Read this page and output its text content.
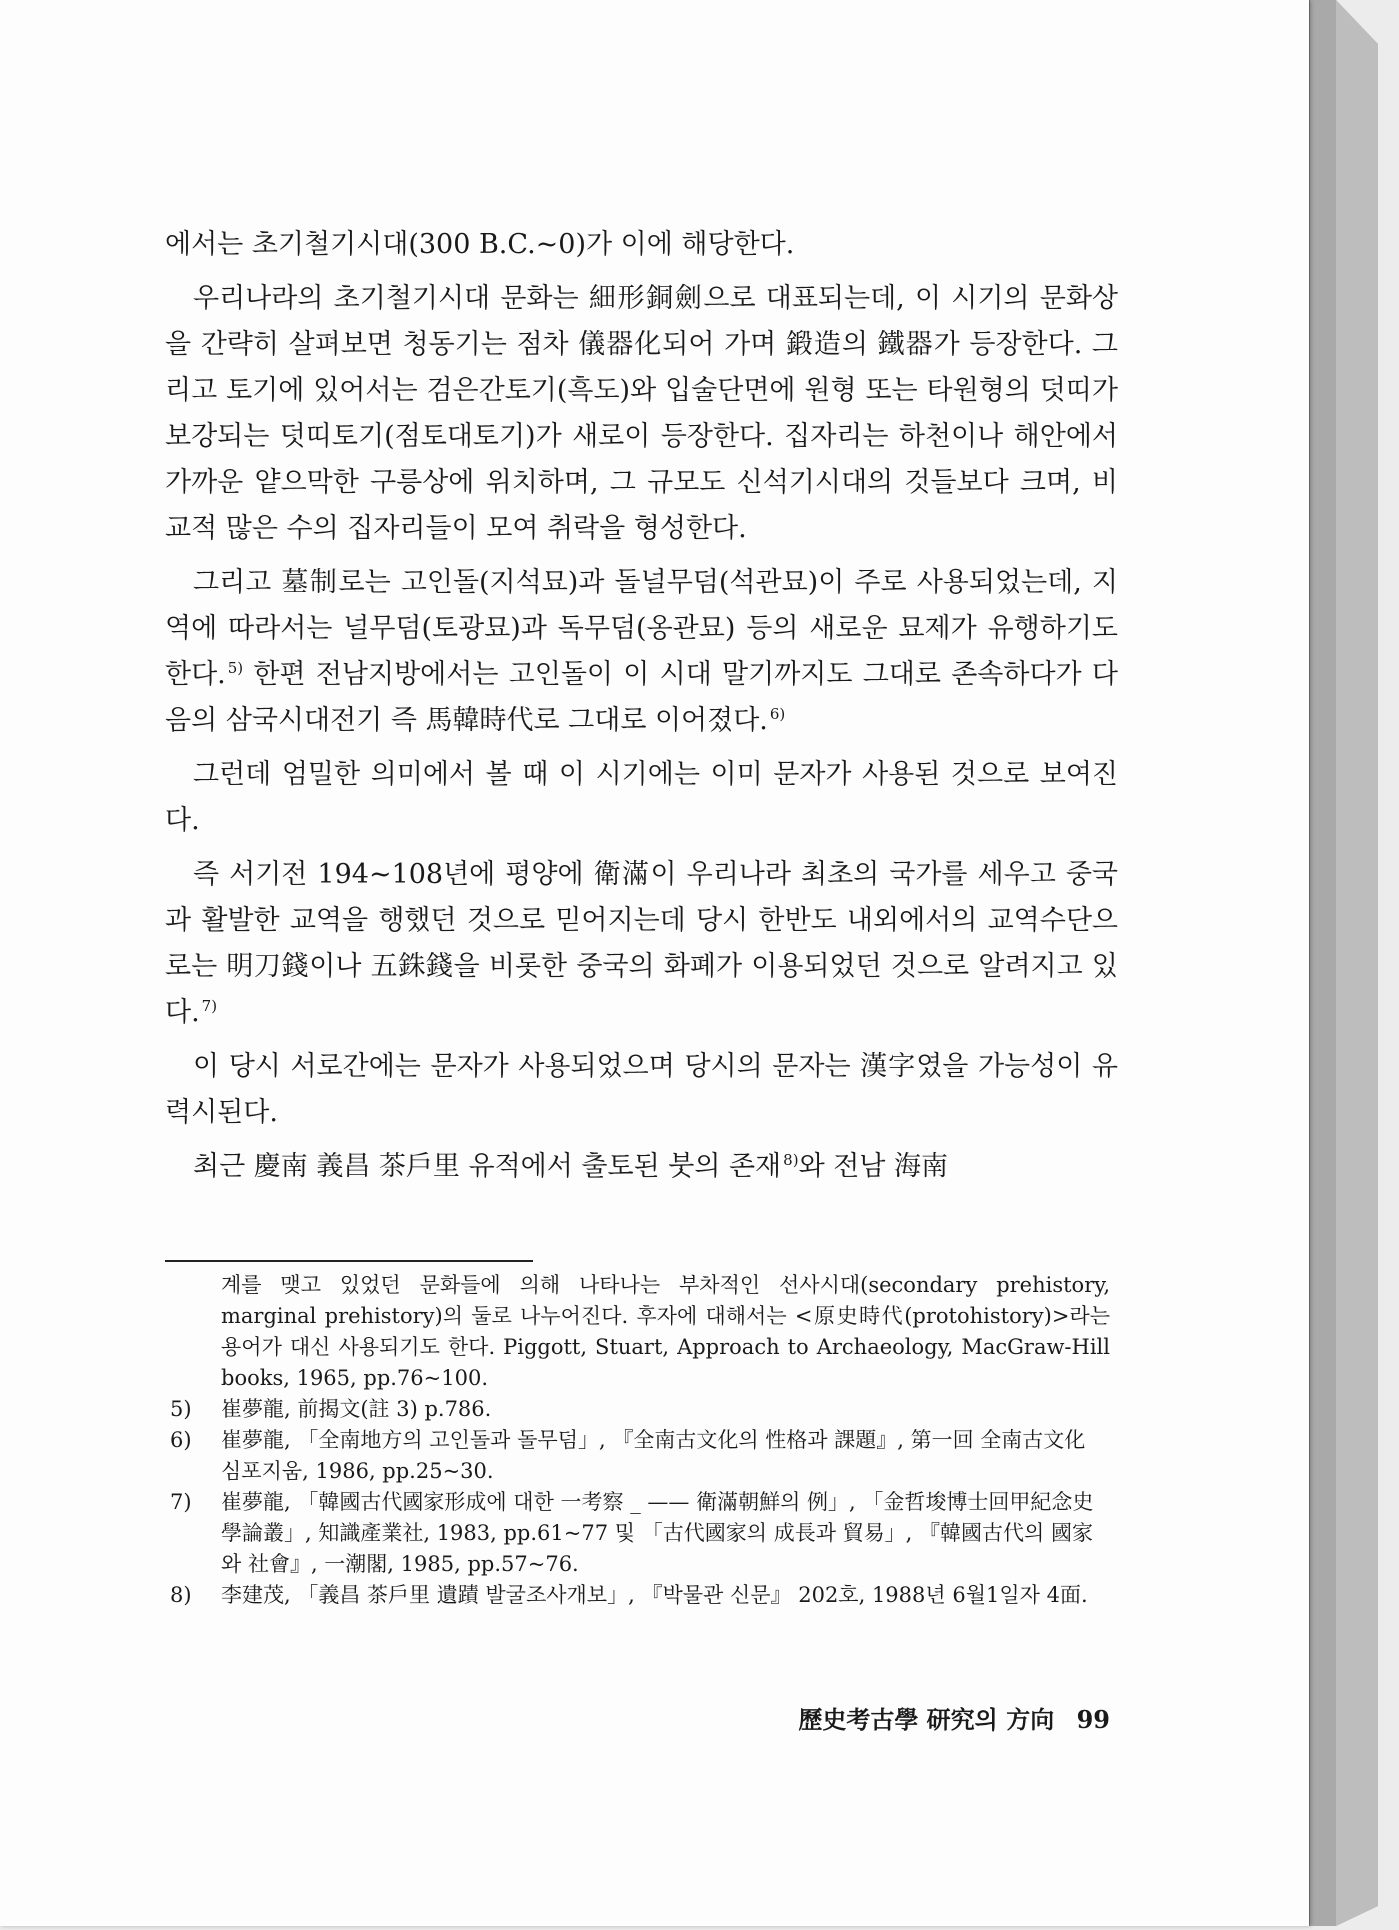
에서는 초기철기시대(300 B.C.~0)가 이에 해당한다.

우리나라의 초기철기시대 문화는 細形銅劍으로 대표되는데, 이 시기의 문화상을 간략히 살펴보면 청동기는 점차 儀器化되어 가며 鍛造의 鐵器가 등장한다. 그리고 토기에 있어서는 검은간토기(흑도)와 입술단면에 원형 또는 타원형의 덧띠가 보강되는 덧띠토기(점토대토기)가 새로이 등장한다. 집자리는 하천이나 해안에서 가까운 얕으막한 구릉상에 위치하며, 그 규모도 신석기시대의 것들보다 크며, 비교적 많은 수의 집자리들이 모여 취락을 형성한다.

그리고 墓制로는 고인돌(지석묘)과 돌널무덤(석관묘)이 주로 사용되었는데, 지역에 따라서는 널무덤(토광묘)과 독무덤(옹관묘) 등의 새로운 묘제가 유행하기도 한다. $^{5)}$ 한편 전남지방에서는 고인돌이 이 시대 말기까지도 그대로 존속하다가 다음의 삼국시대전기 즉 馬韓時代로 그대로 이어졌다. $^{6)}$

그런데 엄밀한 의미에서 볼 때 이 시기에는 이미 문자가 사용된 것으로 보여진다.

즉 서기전 194~108년에 평양에 衛滿이 우리나라 최초의 국가를 세우고 중국과 활발한 교역을 행했던 것으로 믿어지는데 당시 한반도 내외에서의 교역수단으로는 明刀錢이나 五銖錢을 비롯한 중국의 화폐가 이용되었던 것으로 알려지고 있다. $^{7)}$

이 당시 서로간에는 문자가 사용되었으며 당시의 문자는 漢字였을 가능성이 유력시된다.

최근 慶南 義昌 茶戶里 유적에서 출토된 붓의 존재 $^{8)}$와 전남 海南

계를 맺고 있었던 문화들에 의해 나타나는 부차적인 선사시대(secondary prehistory, marginal prehistory)의 둘로 나누어진다. 후자에 대해서는 <原史時代(protohistory)>라는 용어가 대신 사용되기도 한다. Piggott, Stuart, Approach to Archaeology, MacGraw-Hill books, 1965, pp.76~100.

5)	崔夢龍, 前揭文(註 3) p.786.
6)	崔夢龍, 「全南地方의 고인돌과 돌무덤」, 『全南古文化의 性格과 課題』, 第一回 全南古文化 심포지움, 1986, pp.25~30.
7)	崔夢龍, 「韓國古代國家形成에 대한 一考察 _ —— 衛滿朝鮮의 例」, 「金哲埈博士回甲紀念史學論叢」, 知識產業社, 1983, pp.61~77 및 「古代國家의 成長과 貿易」, 『韓國古代의 國家와 社會』, 一潮閣, 1985, pp.57~76.
8)	李建茂, 「義昌 茶戶里 遺蹟 발굴조사개보」, 『박물관 신문』 202호, 1988년 6월1일자 4面.
歷史考古學 研究의 方向 99
